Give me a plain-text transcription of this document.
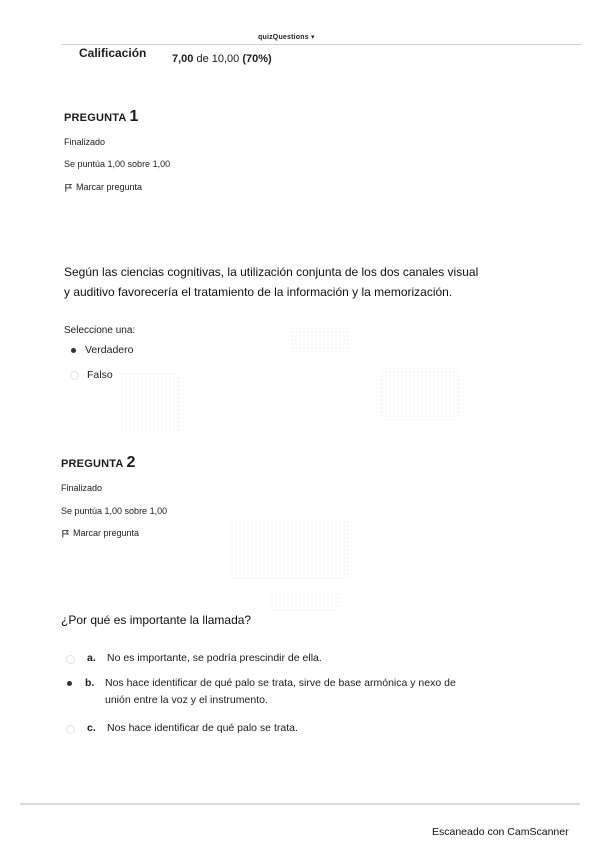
quizQuestions ▾
Calificación 7,00 de 10,00 (70%)
PREGUNTA 1
Finalizado
Se puntúa 1,00 sobre 1,00
Marcar pregunta
Según las ciencias cognitivas, la utilización conjunta de los dos canales visual
y auditivo favorecería el tratamiento de la información y la memorización.
Seleccione una:
Verdadero
Falso
PREGUNTA 2
Finalizado
Se puntúa 1,00 sobre 1,00
Marcar pregunta
¿Por qué es importante la llamada?
a.	No es importante, se podría prescindir de ella.
b.	Nos hace identificar de qué palo se trata, sirve de base armónica y nexo de
unión entre la voz y el instrumento.
c.	Nos hace identificar de qué palo se trata.
Escaneado con CamScanner
